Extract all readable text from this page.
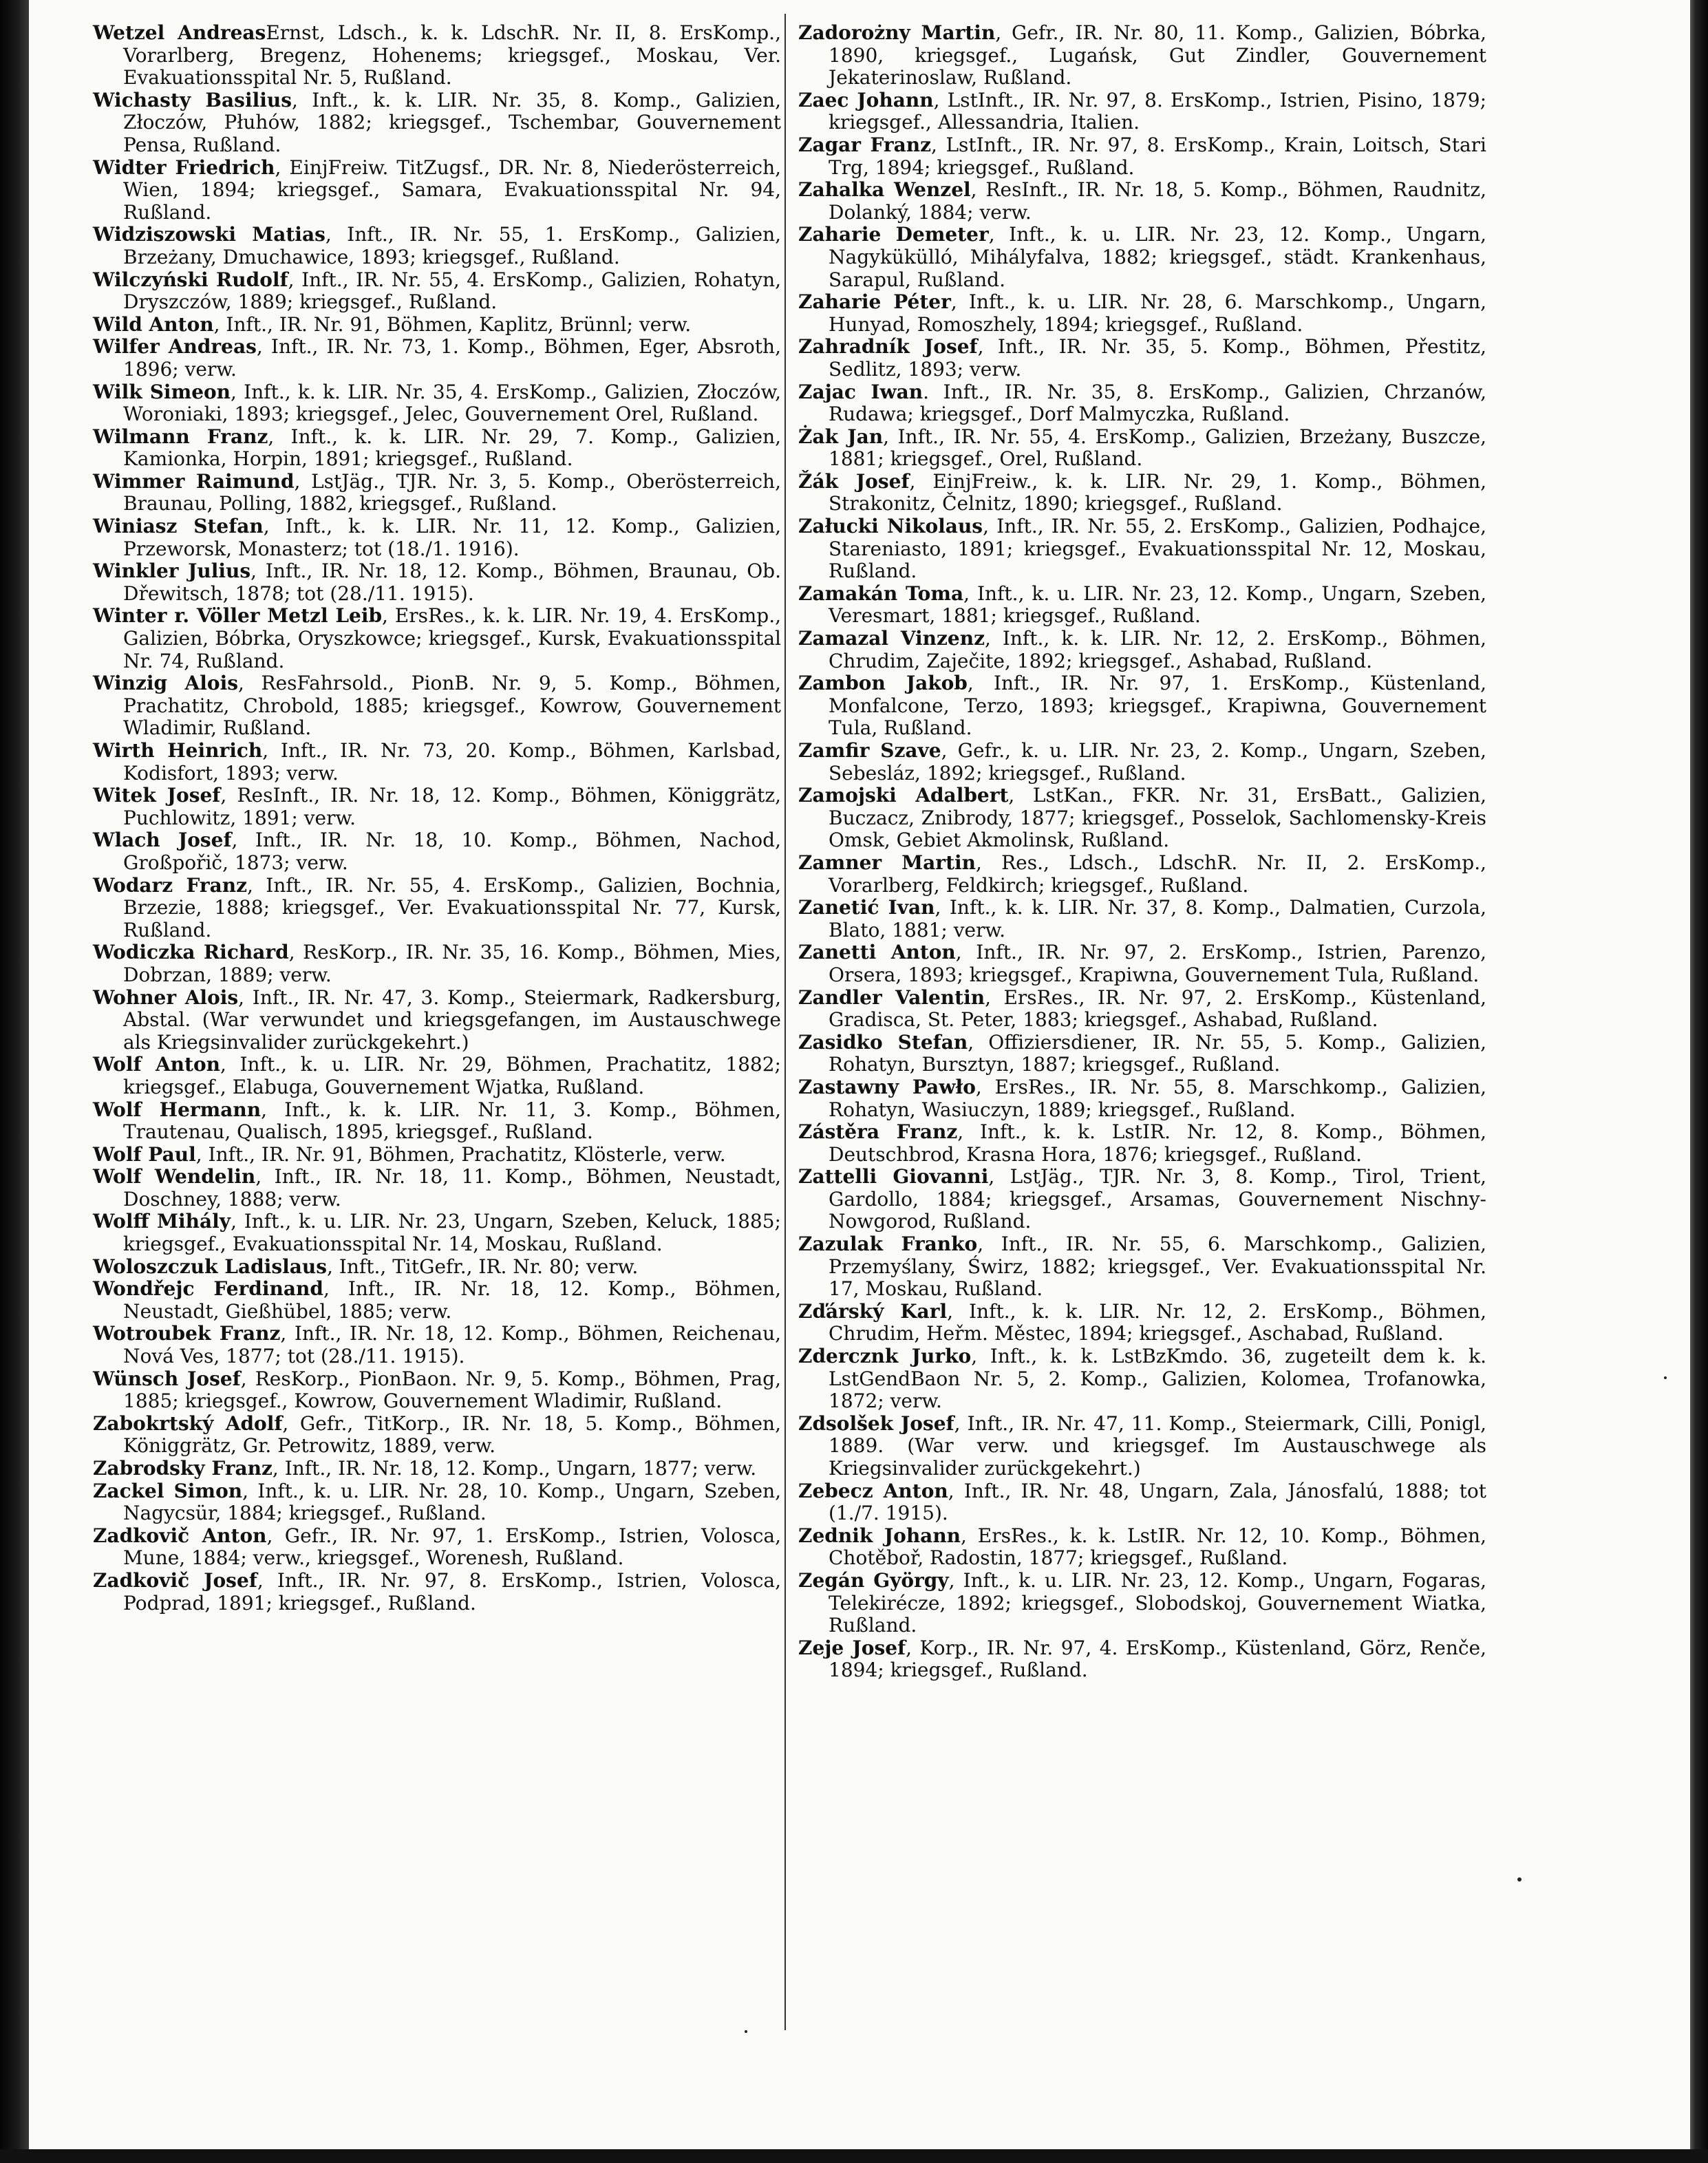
Wetzel AndreasErnst, Ldsch., k. k. LdschR. Nr. II, 8. ErsKomp., Vorarlberg, Bregenz, Hohenems; kriegsgef., Moskau, Ver. Evakuationsspital Nr. 5, Rußland.

Wichasty Basilius, Inft., k. k. LIR. Nr. 35, 8. Komp., Galizien, Złoczów, Płuhów, 1882; kriegsgef., Tschembar, Gouvernement Pensa, Rußland.

Widter Friedrich, EinjFreiw. TitZugsf., DR. Nr. 8, Niederösterreich, Wien, 1894; kriegsgef., Samara, Evakuationsspital Nr. 94, Rußland.

Widziszowski Matias, Inft., IR. Nr. 55, 1. ErsKomp., Galizien, Brzeżany, Dmuchawice, 1893; kriegsgef., Rußland.

Wilczyński Rudolf, Inft., IR. Nr. 55, 4. ErsKomp., Galizien, Rohatyn, Dryszczów, 1889; kriegsgef., Rußland.

Wild Anton, Inft., IR. Nr. 91, Böhmen, Kaplitz, Brünnl; verw.

Wilfer Andreas, Inft., IR. Nr. 73, 1. Komp., Böhmen, Eger, Absroth, 1896; verw.

Wilk Simeon, Inft., k. k. LIR. Nr. 35, 4. ErsKomp., Galizien, Złoczów, Woroniaki, 1893; kriegsgef., Jelec, Gouvernement Orel, Rußland.

Wilmann Franz, Inft., k. k. LIR. Nr. 29, 7. Komp., Galizien, Kamionka, Horpin, 1891; kriegsgef., Rußland.

Wimmer Raimund, LstJäg., TJR. Nr. 3, 5. Komp., Oberösterreich, Braunau, Polling, 1882, kriegsgef., Rußland.

Winiasz Stefan, Inft., k. k. LIR. Nr. 11, 12. Komp., Galizien, Przeworsk, Monasterz; tot (18./1. 1916).

Winkler Julius, Inft., IR. Nr. 18, 12. Komp., Böhmen, Braunau, Ob. Dřewitsch, 1878; tot (28./11. 1915).

Winter r. Völler Metzl Leib, ErsRes., k. k. LIR. Nr. 19, 4. ErsKomp., Galizien, Bóbrka, Oryszkowce; kriegsgef., Kursk, Evakuationsspital Nr. 74, Rußland.

Winzig Alois, ResFahrsold., PionB. Nr. 9, 5. Komp., Böhmen, Prachatitz, Chrobold, 1885; kriegsgef., Kowrow, Gouvernement Wladimir, Rußland.

Wirth Heinrich, Inft., IR. Nr. 73, 20. Komp., Böhmen, Karlsbad, Kodisfort, 1893; verw.

Witek Josef, ResInft., IR. Nr. 18, 12. Komp., Böhmen, Königgrätz, Puchlowitz, 1891; verw.

Wlach Josef, Inft., IR. Nr. 18, 10. Komp., Böhmen, Nachod, Großpořič, 1873; verw.

Wodarz Franz, Inft., IR. Nr. 55, 4. ErsKomp., Galizien, Bochnia, Brzezie, 1888; kriegsgef., Ver. Evakuationsspital Nr. 77, Kursk, Rußland.

Wodiczka Richard, ResKorp., IR. Nr. 35, 16. Komp., Böhmen, Mies, Dobrzan, 1889; verw.

Wohner Alois, Inft., IR. Nr. 47, 3. Komp., Steiermark, Radkersburg, Abstal. (War verwundet und kriegsgefangen, im Austauschwege als Kriegsinvalider zurückgekehrt.)

Wolf Anton, Inft., k. u. LIR. Nr. 29, Böhmen, Prachatitz, 1882; kriegsgef., Elabuga, Gouvernement Wjatka, Rußland.

Wolf Hermann, Inft., k. k. LIR. Nr. 11, 3. Komp., Böhmen, Trautenau, Qualisch, 1895, kriegsgef., Rußland.

Wolf Paul, Inft., IR. Nr. 91, Böhmen, Prachatitz, Klösterle, verw.

Wolf Wendelin, Inft., IR. Nr. 18, 11. Komp., Böhmen, Neustadt, Doschney, 1888; verw.

Wolff Mihály, Inft., k. u. LIR. Nr. 23, Ungarn, Szeben, Keluck, 1885; kriegsgef., Evakuationsspital Nr. 14, Moskau, Rußland.

Woloszczuk Ladislaus, Inft., TitGefr., IR. Nr. 80; verw.

Wondřejc Ferdinand, Inft., IR. Nr. 18, 12. Komp., Böhmen, Neustadt, Gießhübel, 1885; verw.

Wotroubek Franz, Inft., IR. Nr. 18, 12. Komp., Böhmen, Reichenau, Nová Ves, 1877; tot (28./11. 1915).

Wünsch Josef, ResKorp., PionBaon. Nr. 9, 5. Komp., Böhmen, Prag, 1885; kriegsgef., Kowrow, Gouvernement Wladimir, Rußland.

Zabokrtský Adolf, Gefr., TitKorp., IR. Nr. 18, 5. Komp., Böhmen, Königgrätz, Gr. Petrowitz, 1889, verw.

Zabrodsky Franz, Inft., IR. Nr. 18, 12. Komp., Ungarn, 1877; verw.

Zackel Simon, Inft., k. u. LIR. Nr. 28, 10. Komp., Ungarn, Szeben, Nagycsür, 1884; kriegsgef., Rußland.

Zadkovič Anton, Gefr., IR. Nr. 97, 1. ErsKomp., Istrien, Volosca, Mune, 1884; verw., kriegsgef., Worenesh, Rußland.

Zadkovič Josef, Inft., IR. Nr. 97, 8. ErsKomp., Istrien, Volosca, Podprad, 1891; kriegsgef., Rußland.

Zadorożny Martin, Gefr., IR. Nr. 80, 11. Komp., Galizien, Bóbrka, 1890, kriegsgef., Lugańsk, Gut Zindler, Gouvernement Jekaterinoslaw, Rußland.

Zaec Johann, LstInft., IR. Nr. 97, 8. ErsKomp., Istrien, Pisino, 1879; kriegsgef., Allessandria, Italien.

Zagar Franz, LstInft., IR. Nr. 97, 8. ErsKomp., Krain, Loitsch, Stari Trg, 1894; kriegsgef., Rußland.

Zahalka Wenzel, ResInft., IR. Nr. 18, 5. Komp., Böhmen, Raudnitz, Dolanký, 1884; verw.

Zaharie Demeter, Inft., k. u. LIR. Nr. 23, 12. Komp., Ungarn, Nagykükülló, Mihályfalva, 1882; kriegsgef., städt. Krankenhaus, Sarapul, Rußland.

Zaharie Péter, Inft., k. u. LIR. Nr. 28, 6. Marschkomp., Ungarn, Hunyad, Romoszhely, 1894; kriegsgef., Rußland.

Zahradník Josef, Inft., IR. Nr. 35, 5. Komp., Böhmen, Přestitz, Sedlitz, 1893; verw.

Zajac Iwan. Inft., IR. Nr. 35, 8. ErsKomp., Galizien, Chrzanów, Rudawa; kriegsgef., Dorf Malmyczka, Rußland.

Żak Jan, Inft., IR. Nr. 55, 4. ErsKomp., Galizien, Brzeżany, Buszcze, 1881; kriegsgef., Orel, Rußland.

Žák Josef, EinjFreiw., k. k. LIR. Nr. 29, 1. Komp., Böhmen, Strakonitz, Čelnitz, 1890; kriegsgef., Rußland.

Załucki Nikolaus, Inft., IR. Nr. 55, 2. ErsKomp., Galizien, Podhajce, Stareniasto, 1891; kriegsgef., Evakuationsspital Nr. 12, Moskau, Rußland.

Zamakán Toma, Inft., k. u. LIR. Nr. 23, 12. Komp., Ungarn, Szeben, Veresmart, 1881; kriegsgef., Rußland.

Zamazal Vinzenz, Inft., k. k. LIR. Nr. 12, 2. ErsKomp., Böhmen, Chrudim, Zaječite, 1892; kriegsgef., Ashabad, Rußland.

Zambon Jakob, Inft., IR. Nr. 97, 1. ErsKomp., Küstenland, Monfalcone, Terzo, 1893; kriegsgef., Krapiwna, Gouvernement Tula, Rußland.

Zamfir Szave, Gefr., k. u. LIR. Nr. 23, 2. Komp., Ungarn, Szeben, Sebesláz, 1892; kriegsgef., Rußland.

Zamojski Adalbert, LstKan., FKR. Nr. 31, ErsBatt., Galizien, Buczacz, Znibrody, 1877; kriegsgef., Posselok, Sachlomensky-Kreis Omsk, Gebiet Akmolinsk, Rußland.

Zamner Martin, Res., Ldsch., LdschR. Nr. II, 2. ErsKomp., Vorarlberg, Feldkirch; kriegsgef., Rußland.

Zanetić Ivan, Inft., k. k. LIR. Nr. 37, 8. Komp., Dalmatien, Curzola, Blato, 1881; verw.

Zanetti Anton, Inft., IR. Nr. 97, 2. ErsKomp., Istrien, Parenzo, Orsera, 1893; kriegsgef., Krapiwna, Gouvernement Tula, Rußland.

Zandler Valentin, ErsRes., IR. Nr. 97, 2. ErsKomp., Küstenland, Gradisca, St. Peter, 1883; kriegsgef., Ashabad, Rußland.

Zasidko Stefan, Offiziersdiener, IR. Nr. 55, 5. Komp., Galizien, Rohatyn, Bursztyn, 1887; kriegsgef., Rußland.

Zastawny Pawło, ErsRes., IR. Nr. 55, 8. Marschkomp., Galizien, Rohatyn, Wasiuczyn, 1889; kriegsgef., Rußland.

Zástěra Franz, Inft., k. k. LstIR. Nr. 12, 8. Komp., Böhmen, Deutschbrod, Krasna Hora, 1876; kriegsgef., Rußland.

Zattelli Giovanni, LstJäg., TJR. Nr. 3, 8. Komp., Tirol, Trient, Gardollo, 1884; kriegsgef., Arsamas, Gouvernement Nischny-Nowgorod, Rußland.

Zazulak Franko, Inft., IR. Nr. 55, 6. Marschkomp., Galizien, Przemyślany, Świrz, 1882; kriegsgef., Ver. Evakuationsspital Nr. 17, Moskau, Rußland.

Zďárský Karl, Inft., k. k. LIR. Nr. 12, 2. ErsKomp., Böhmen, Chrudim, Heřm. Městec, 1894; kriegsgef., Aschabad, Rußland.

Zdercznk Jurko, Inft., k. k. LstBzKmdo. 36, zugeteilt dem k. k. LstGendBaon Nr. 5, 2. Komp., Galizien, Kolomea, Trofanowka, 1872; verw.

Zdsolšek Josef, Inft., IR. Nr. 47, 11. Komp., Steiermark, Cilli, Ponigl, 1889. (War verw. und kriegsgef. Im Austauschwege als Kriegsinvalider zurückgekehrt.)

Zebecz Anton, Inft., IR. Nr. 48, Ungarn, Zala, Jánosfalú, 1888; tot (1./7. 1915).

Zednik Johann, ErsRes., k. k. LstIR. Nr. 12, 10. Komp., Böhmen, Chotěboř, Radostin, 1877; kriegsgef., Rußland.

Zegán György, Inft., k. u. LIR. Nr. 23, 12. Komp., Ungarn, Fogaras, Telekirécze, 1892; kriegsgef., Slobodskoj, Gouvernement Wiatka, Rußland.

Zeje Josef, Korp., IR. Nr. 97, 4. ErsKomp., Küstenland, Görz, Renče, 1894; kriegsgef., Rußland.
